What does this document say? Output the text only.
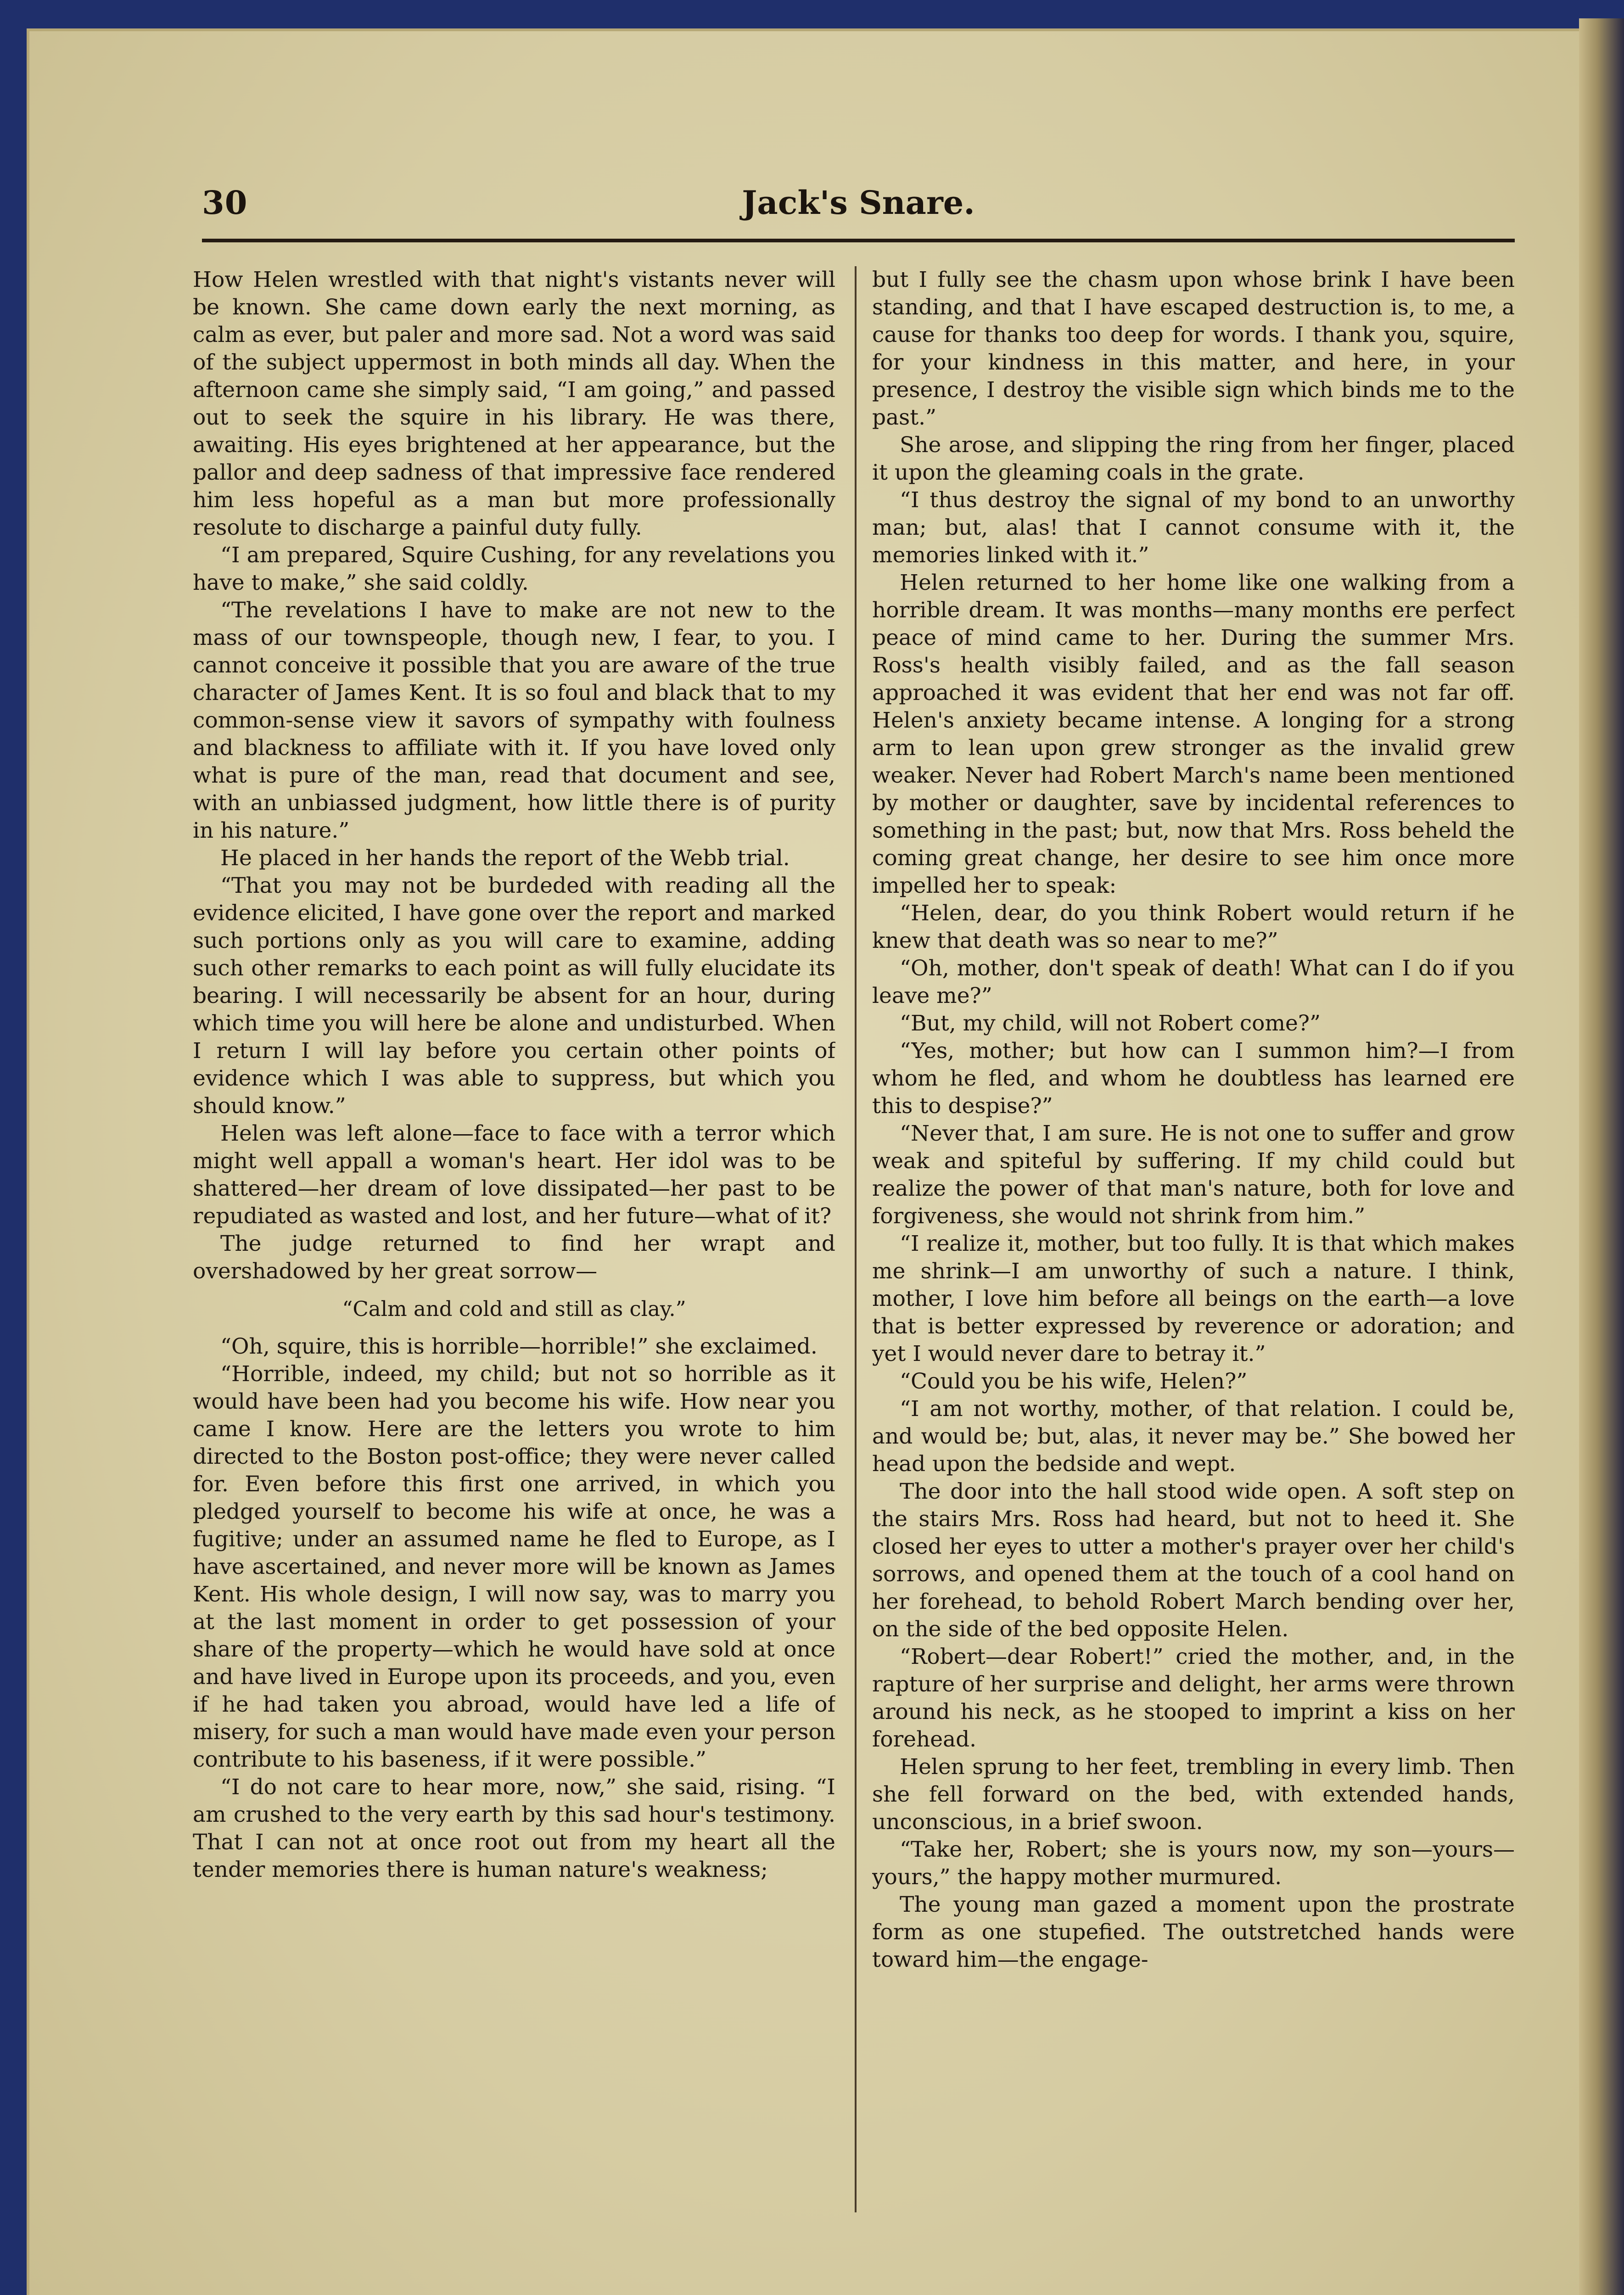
30	Jack's Snare.

How Helen wrestled with that night's vistants never will be known. She came down early the next morning, as calm as ever, but paler and more sad. Not a word was said of the subject uppermost in both minds all day. When the afternoon came she simply said, “I am going,” and passed out to seek the squire in his library. He was there, awaiting. His eyes brightened at her appearance, but the pallor and deep sadness of that impressive face rendered him less hopeful as a man but more professionally resolute to discharge a painful duty fully.

“I am prepared, Squire Cushing, for any revelations you have to make,” she said coldly.

“The revelations I have to make are not new to the mass of our townspeople, though new, I fear, to you. I cannot conceive it possible that you are aware of the true character of James Kent. It is so foul and black that to my common-sense view it savors of sympathy with foulness and blackness to affiliate with it. If you have loved only what is pure of the man, read that document and see, with an unbiassed judgment, how little there is of purity in his nature.”

He placed in her hands the report of the Webb trial.

“That you may not be burdeded with reading all the evidence elicited, I have gone over the report and marked such portions only as you will care to examine, adding such other remarks to each point as will fully elucidate its bearing. I will necessarily be absent for an hour, during which time you will here be alone and undisturbed. When I return I will lay before you certain other points of evidence which I was able to suppress, but which you should know.”

Helen was left alone—face to face with a terror which might well appall a woman's heart. Her idol was to be shattered—her dream of love dissipated—her past to be repudiated as wasted and lost, and her future—what of it?

The judge returned to find her wrapt and overshadowed by her great sorrow—

“Calm and cold and still as clay.”

“Oh, squire, this is horrible—horrible!” she exclaimed.

“Horrible, indeed, my child; but not so horrible as it would have been had you become his wife. How near you came I know. Here are the letters you wrote to him directed to the Boston post-office; they were never called for. Even before this first one arrived, in which you pledged yourself to become his wife at once, he was a fugitive; under an assumed name he fled to Europe, as I have ascertained, and never more will be known as James Kent. His whole design, I will now say, was to marry you at the last moment in order to get possession of your share of the property—which he would have sold at once and have lived in Europe upon its proceeds, and you, even if he had taken you abroad, would have led a life of misery, for such a man would have made even your person contribute to his baseness, if it were possible.”

“I do not care to hear more, now,” she said, rising. “I am crushed to the very earth by this sad hour's testimony. That I can not at once root out from my heart all the tender memories there is human nature's weakness;

but I fully see the chasm upon whose brink I have been standing, and that I have escaped destruction is, to me, a cause for thanks too deep for words. I thank you, squire, for your kindness in this matter, and here, in your presence, I destroy the visible sign which binds me to the past.”

She arose, and slipping the ring from her finger, placed it upon the gleaming coals in the grate.

“I thus destroy the signal of my bond to an unworthy man; but, alas! that I cannot consume with it, the memories linked with it.”

Helen returned to her home like one walking from a horrible dream. It was months—many months ere perfect peace of mind came to her. During the summer Mrs. Ross's health visibly failed, and as the fall season approached it was evident that her end was not far off. Helen's anxiety became intense. A longing for a strong arm to lean upon grew stronger as the invalid grew weaker. Never had Robert March's name been mentioned by mother or daughter, save by incidental references to something in the past; but, now that Mrs. Ross beheld the coming great change, her desire to see him once more impelled her to speak:

“Helen, dear, do you think Robert would return if he knew that death was so near to me?”

“Oh, mother, don't speak of death! What can I do if you leave me?”

“But, my child, will not Robert come?”

“Yes, mother; but how can I summon him?—I from whom he fled, and whom he doubtless has learned ere this to despise?”

“Never that, I am sure. He is not one to suffer and grow weak and spiteful by suffering. If my child could but realize the power of that man's nature, both for love and forgiveness, she would not shrink from him.”

“I realize it, mother, but too fully. It is that which makes me shrink—I am unworthy of such a nature. I think, mother, I love him before all beings on the earth—a love that is better expressed by reverence or adoration; and yet I would never dare to betray it.”

“Could you be his wife, Helen?”

“I am not worthy, mother, of that relation. I could be, and would be; but, alas, it never may be.” She bowed her head upon the bedside and wept.

The door into the hall stood wide open. A soft step on the stairs Mrs. Ross had heard, but not to heed it. She closed her eyes to utter a mother's prayer over her child's sorrows, and opened them at the touch of a cool hand on her forehead, to behold Robert March bending over her, on the side of the bed opposite Helen.

“Robert—dear Robert!” cried the mother, and, in the rapture of her surprise and delight, her arms were thrown around his neck, as he stooped to imprint a kiss on her forehead.

Helen sprung to her feet, trembling in every limb. Then she fell forward on the bed, with extended hands, unconscious, in a brief swoon.

“Take her, Robert; she is yours now, my son—yours—yours,” the happy mother murmured.

The young man gazed a moment upon the prostrate form as one stupefied. The outstretched hands were toward him—the engage-
